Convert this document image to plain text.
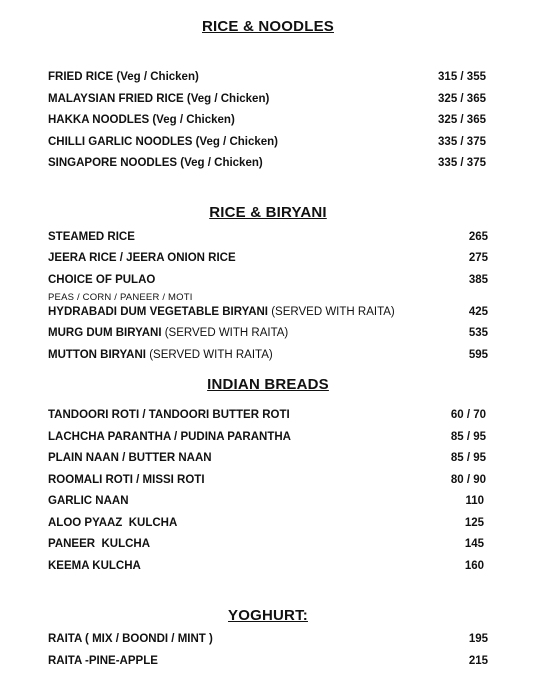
RICE & NOODLES
FRIED RICE (Veg / Chicken)	315 / 355
MALAYSIAN FRIED RICE (Veg / Chicken)	325 / 365
HAKKA NOODLES (Veg / Chicken)	325 / 365
CHILLI GARLIC NOODLES (Veg / Chicken)	335 / 375
SINGAPORE NOODLES (Veg / Chicken)	335 / 375
RICE & BIRYANI
STEAMED RICE	265
JEERA RICE / JEERA ONION RICE	275
CHOICE OF PULAO	385
PEAS / CORN / PANEER / MOTI
HYDRABADI DUM VEGETABLE BIRYANI (SERVED WITH RAITA)	425
MURG DUM BIRYANI (SERVED WITH RAITA)	535
MUTTON BIRYANI (SERVED WITH RAITA)	595
INDIAN BREADS
TANDOORI ROTI / TANDOORI BUTTER ROTI	60 / 70
LACHCHA PARANTHA / PUDINA PARANTHA	85 / 95
PLAIN NAAN / BUTTER NAAN	85 / 95
ROOMALI ROTI / MISSI ROTI	80 / 90
GARLIC NAAN	110
ALOO PYAAZ  KULCHA	125
PANEER  KULCHA	145
KEEMA KULCHA	160
YOGHURT:
RAITA ( MIX / BOONDI / MINT )	195
RAITA -PINE-APPLE	215
